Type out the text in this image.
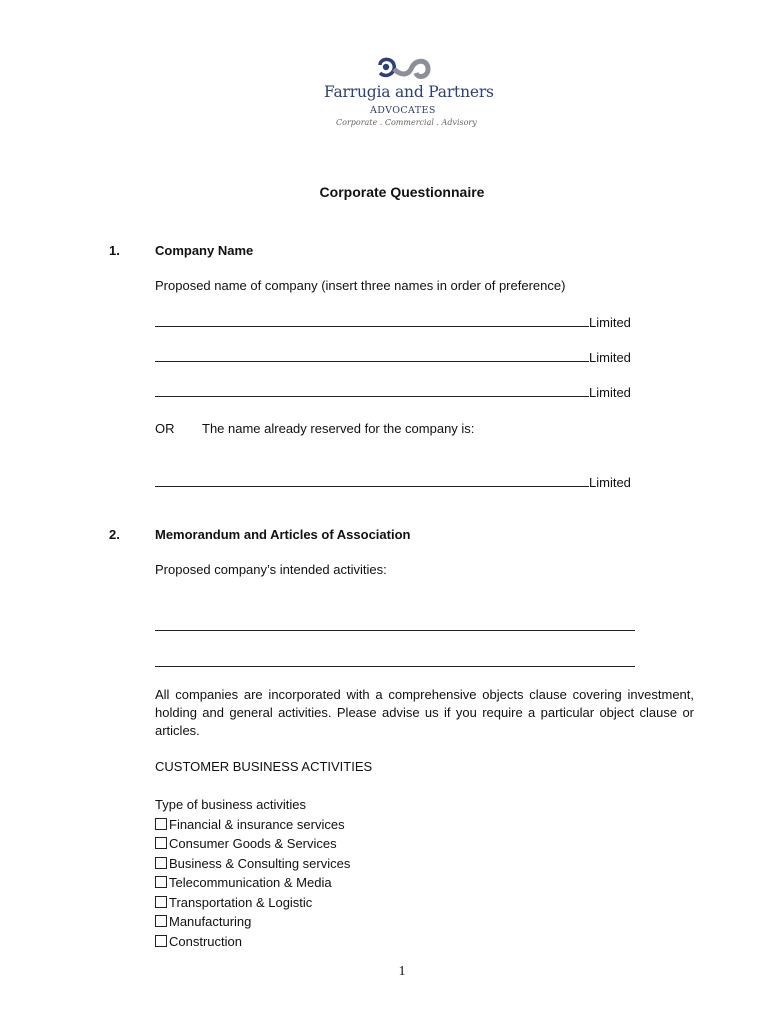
Farrugia and Partners
ADVOCATES
Corporate . Commercial . Advisory
Corporate Questionnaire
1.	Company Name
Proposed name of company (insert three names in order of preference)
Limited
Limited
Limited
OR The name already reserved for the company is:
Limited
2.	Memorandum and Articles of Association
Proposed company’s intended activities:
All companies are incorporated with a comprehensive objects clause covering investment, holding and general activities. Please advise us if you require a particular object clause or articles.
CUSTOMER BUSINESS ACTIVITIES
Type of business activities
Financial & insurance services
Consumer Goods & Services
Business & Consulting services
Telecommunication & Media
Transportation & Logistic
Manufacturing
Construction
1
